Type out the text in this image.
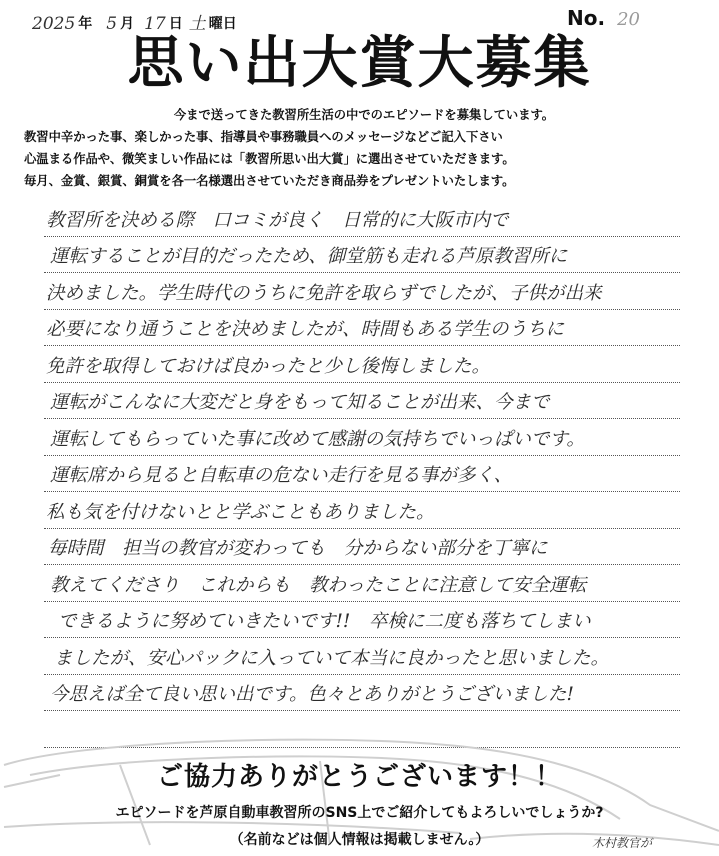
2025 年 5 月 17 日 土 曜日	No. 20
思い出大賞大募集
今まで送ってきた教習所生活の中でのエピソードを募集しています。
教習中辛かった事、楽しかった事、指導員や事務職員へのメッセージなどご記入下さい
心温まる作品や、微笑ましい作品には「教習所思い出大賞」に選出させていただきます。
毎月、金賞、銀賞、銅賞を各一名様選出させていただき商品券をプレゼントいたします。
教習所を決める際　口コミが良く　日常的に大阪市内で
運転することが目的だったため、御堂筋も走れる芦原教習所に
決めました。学生時代のうちに免許を取らずでしたが、子供が出来
必要になり通うことを決めましたが、時間もある学生のうちに
免許を取得しておけば良かったと少し後悔しました。
運転がこんなに大変だと身をもって知ることが出来、今まで
運転してもらっていた事に改めて感謝の気持ちでいっぱいです。
運転席から見ると自転車の危ない走行を見る事が多く、
私も気を付けないとと学ぶこともありました。
毎時間　担当の教官が変わっても　分からない部分を丁寧に
教えてくださり　これからも　教わったことに注意して安全運転
できるように努めていきたいです!!　卒検に二度も落ちてしまい
ましたが、安心パックに入っていて本当に良かったと思いました。
今思えば全て良い思い出です。色々とありがとうございました!
ご協力ありがとうございます！！
エピソードを芦原自動車教習所のSNS上でご紹介してもよろしいでしょうか?
（名前などは個人情報は掲載しません。）	木村教官が
